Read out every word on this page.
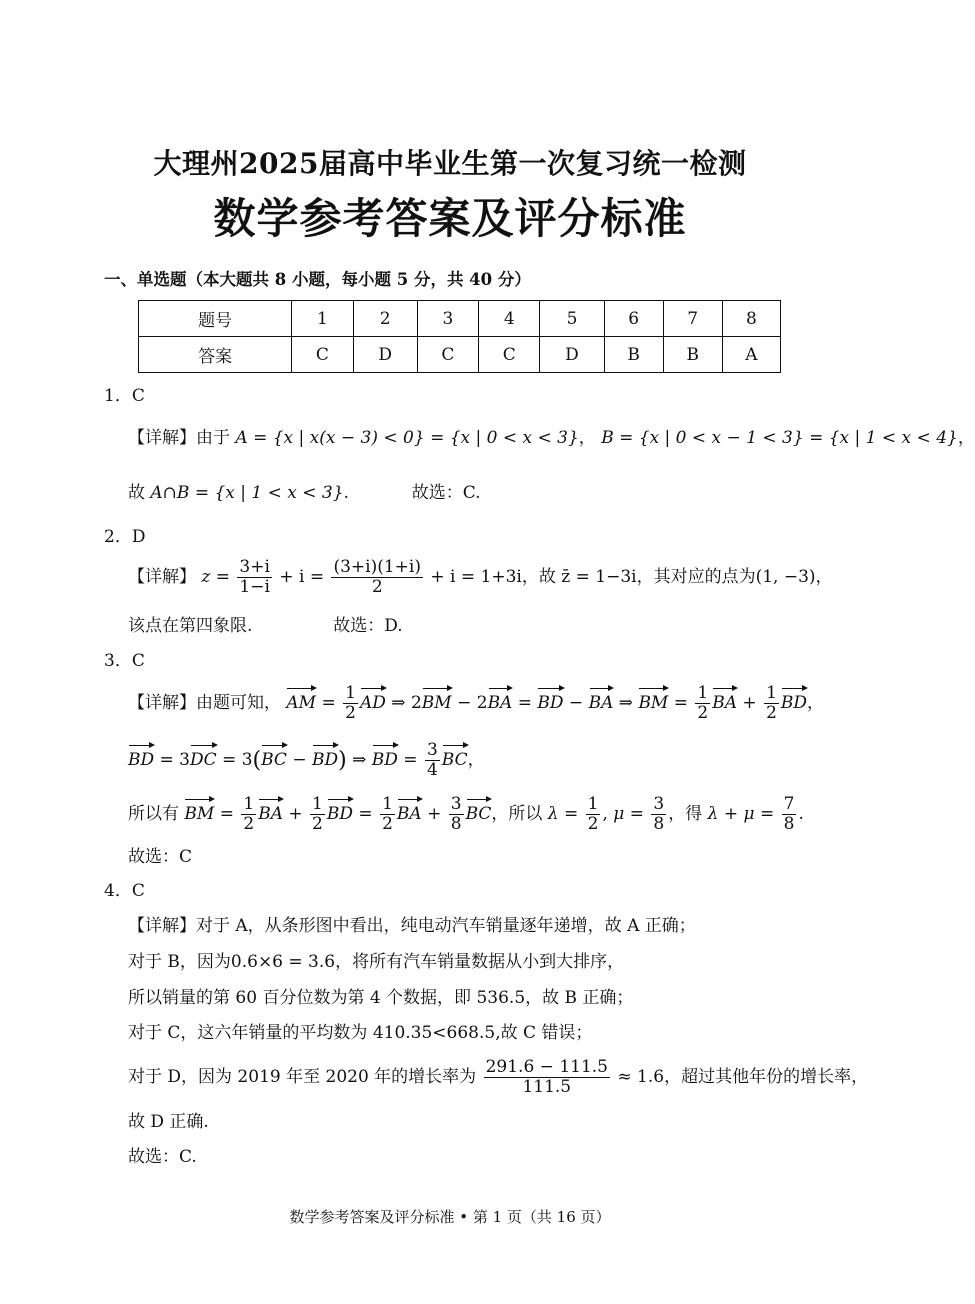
大理州2025届高中毕业生第一次复习统一检测
数学参考答案及评分标准
一、单选题（本大题共 8 小题，每小题 5 分，共 40 分）
题号	1	2	3	4	5	6	7	8
答案	C	D	C	C	D	B	B	A
1．C
【详解】由于 A = {x | x(x − 3) < 0} = {x | 0 < x < 3}， B = {x | 0 < x − 1 < 3} = {x | 1 < x < 4}，
故 A∩B = {x | 1 < x < 3}.	故选：C.
2．D
【详解】 $z = \frac{3+i}{1-i} + i = \frac{(3+i)(1+i)}{2} + i = 1+3i$，故 z̄ = 1−3i，其对应的点为(1, −3)，
该点在第四象限.	故选：D.
3．C
【详解】由题可知， AM = $\frac{1}{2}$ AD ⇒ 2BM − 2BA = BD − BA ⇒ BM = $\frac{1}{2}$ BA + $\frac{1}{2}$ BD，
BD = 3DC = 3(BC − BD) ⇒ BD = $\frac{3}{4}$ BC，
所以有 BM = $\frac{1}{2}$ BA + $\frac{1}{2}$ BD = $\frac{1}{2}$ BA + $\frac{3}{8}$ BC，所以 $\lambda = \frac{1}{2}$ , $\mu = \frac{3}{8}$ ，得 $\lambda + \mu = \frac{7}{8}$ .
故选：C
4．C
【详解】对于 A，从条形图中看出，纯电动汽车销量逐年递增，故 A 正确；
对于 B，因为0.6×6 = 3.6，将所有汽车销量数据从小到大排序，
所以销量的第 60 百分位数为第 4 个数据，即 536.5，故 B 正确；
对于 C，这六年销量的平均数为 410.35<668.5,故 C 错误；
对于 D，因为 2019 年至 2020 年的增长率为 $\frac{291.6 - 111.5}{111.5} \approx 1.6$，超过其他年份的增长率，
故 D 正确.
故选：C.
数学参考答案及评分标准 • 第 1 页（共 16 页）
